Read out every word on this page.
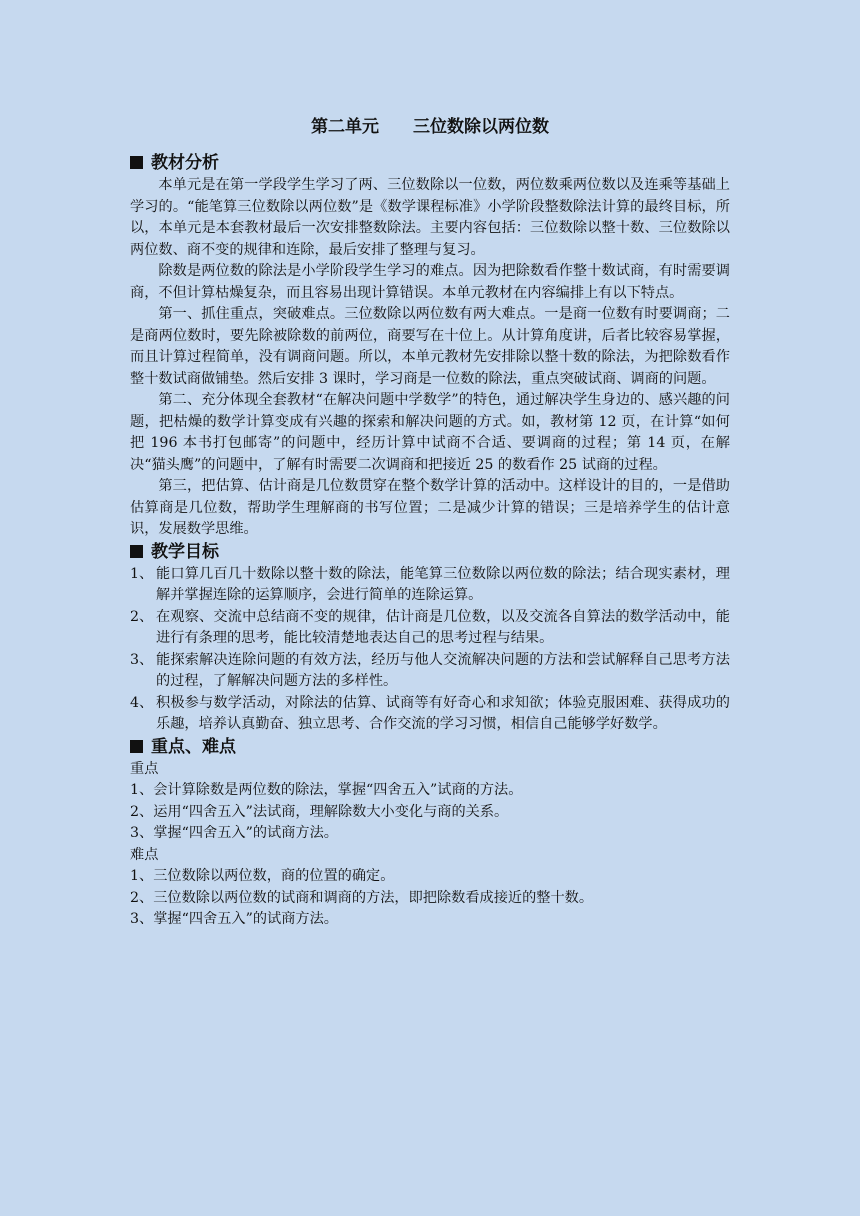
第二单元 三位数除以两位数
教材分析

本单元是在第一学段学生学习了两、三位数除以一位数，两位数乘两位数以及连乘等基础上学习的。“能笔算三位数除以两位数”是《数学课程标准》小学阶段整数除法计算的最终目标，所以，本单元是本套教材最后一次安排整数除法。主要内容包括：三位数除以整十数、三位数除以两位数、商不变的规律和连除，最后安排了整理与复习。

除数是两位数的除法是小学阶段学生学习的难点。因为把除数看作整十数试商，有时需要调商，不但计算枯燥复杂，而且容易出现计算错误。本单元教材在内容编排上有以下特点。

第一、抓住重点，突破难点。三位数除以两位数有两大难点。一是商一位数有时要调商；二是商两位数时，要先除被除数的前两位，商要写在十位上。从计算角度讲，后者比较容易掌握，而且计算过程简单，没有调商问题。所以，本单元教材先安排除以整十数的除法，为把除数看作整十数试商做铺垫。然后安排 3 课时，学习商是一位数的除法，重点突破试商、调商的问题。

第二、充分体现全套教材“在解决问题中学数学”的特色，通过解决学生身边的、感兴趣的问题，把枯燥的数学计算变成有兴趣的探索和解决问题的方式。如，教材第 12 页，在计算“如何把 196 本书打包邮寄”的问题中，经历计算中试商不合适、要调商的过程；第 14 页，在解决“猫头鹰”的问题中，了解有时需要二次调商和把接近 25 的数看作 25 试商的过程。

第三，把估算、估计商是几位数贯穿在整个数学计算的活动中。这样设计的目的，一是借助估算商是几位数，帮助学生理解商的书写位置；二是减少计算的错误；三是培养学生的估计意识，发展数学思维。

教学目标
1、 能口算几百几十数除以整十数的除法，能笔算三位数除以两位数的除法；结合现实素材，理解并掌握连除的运算顺序，会进行简单的连除运算。
2、 在观察、交流中总结商不变的规律，估计商是几位数，以及交流各自算法的数学活动中，能进行有条理的思考，能比较清楚地表达自己的思考过程与结果。
3、 能探索解决连除问题的有效方法，经历与他人交流解决问题的方法和尝试解释自己思考方法的过程，了解解决问题方法的多样性。
4、 积极参与数学活动，对除法的估算、试商等有好奇心和求知欲；体验克服困难、获得成功的乐趣，培养认真勤奋、独立思考、合作交流的学习习惯，相信自己能够学好数学。
重点、难点
重点
1、会计算除数是两位数的除法，掌握“四舍五入”试商的方法。
2、运用“四舍五入”法试商，理解除数大小变化与商的关系。
3、掌握“四舍五入”的试商方法。
难点
1、三位数除以两位数，商的位置的确定。
2、三位数除以两位数的试商和调商的方法，即把除数看成接近的整十数。
3、掌握“四舍五入”的试商方法。
